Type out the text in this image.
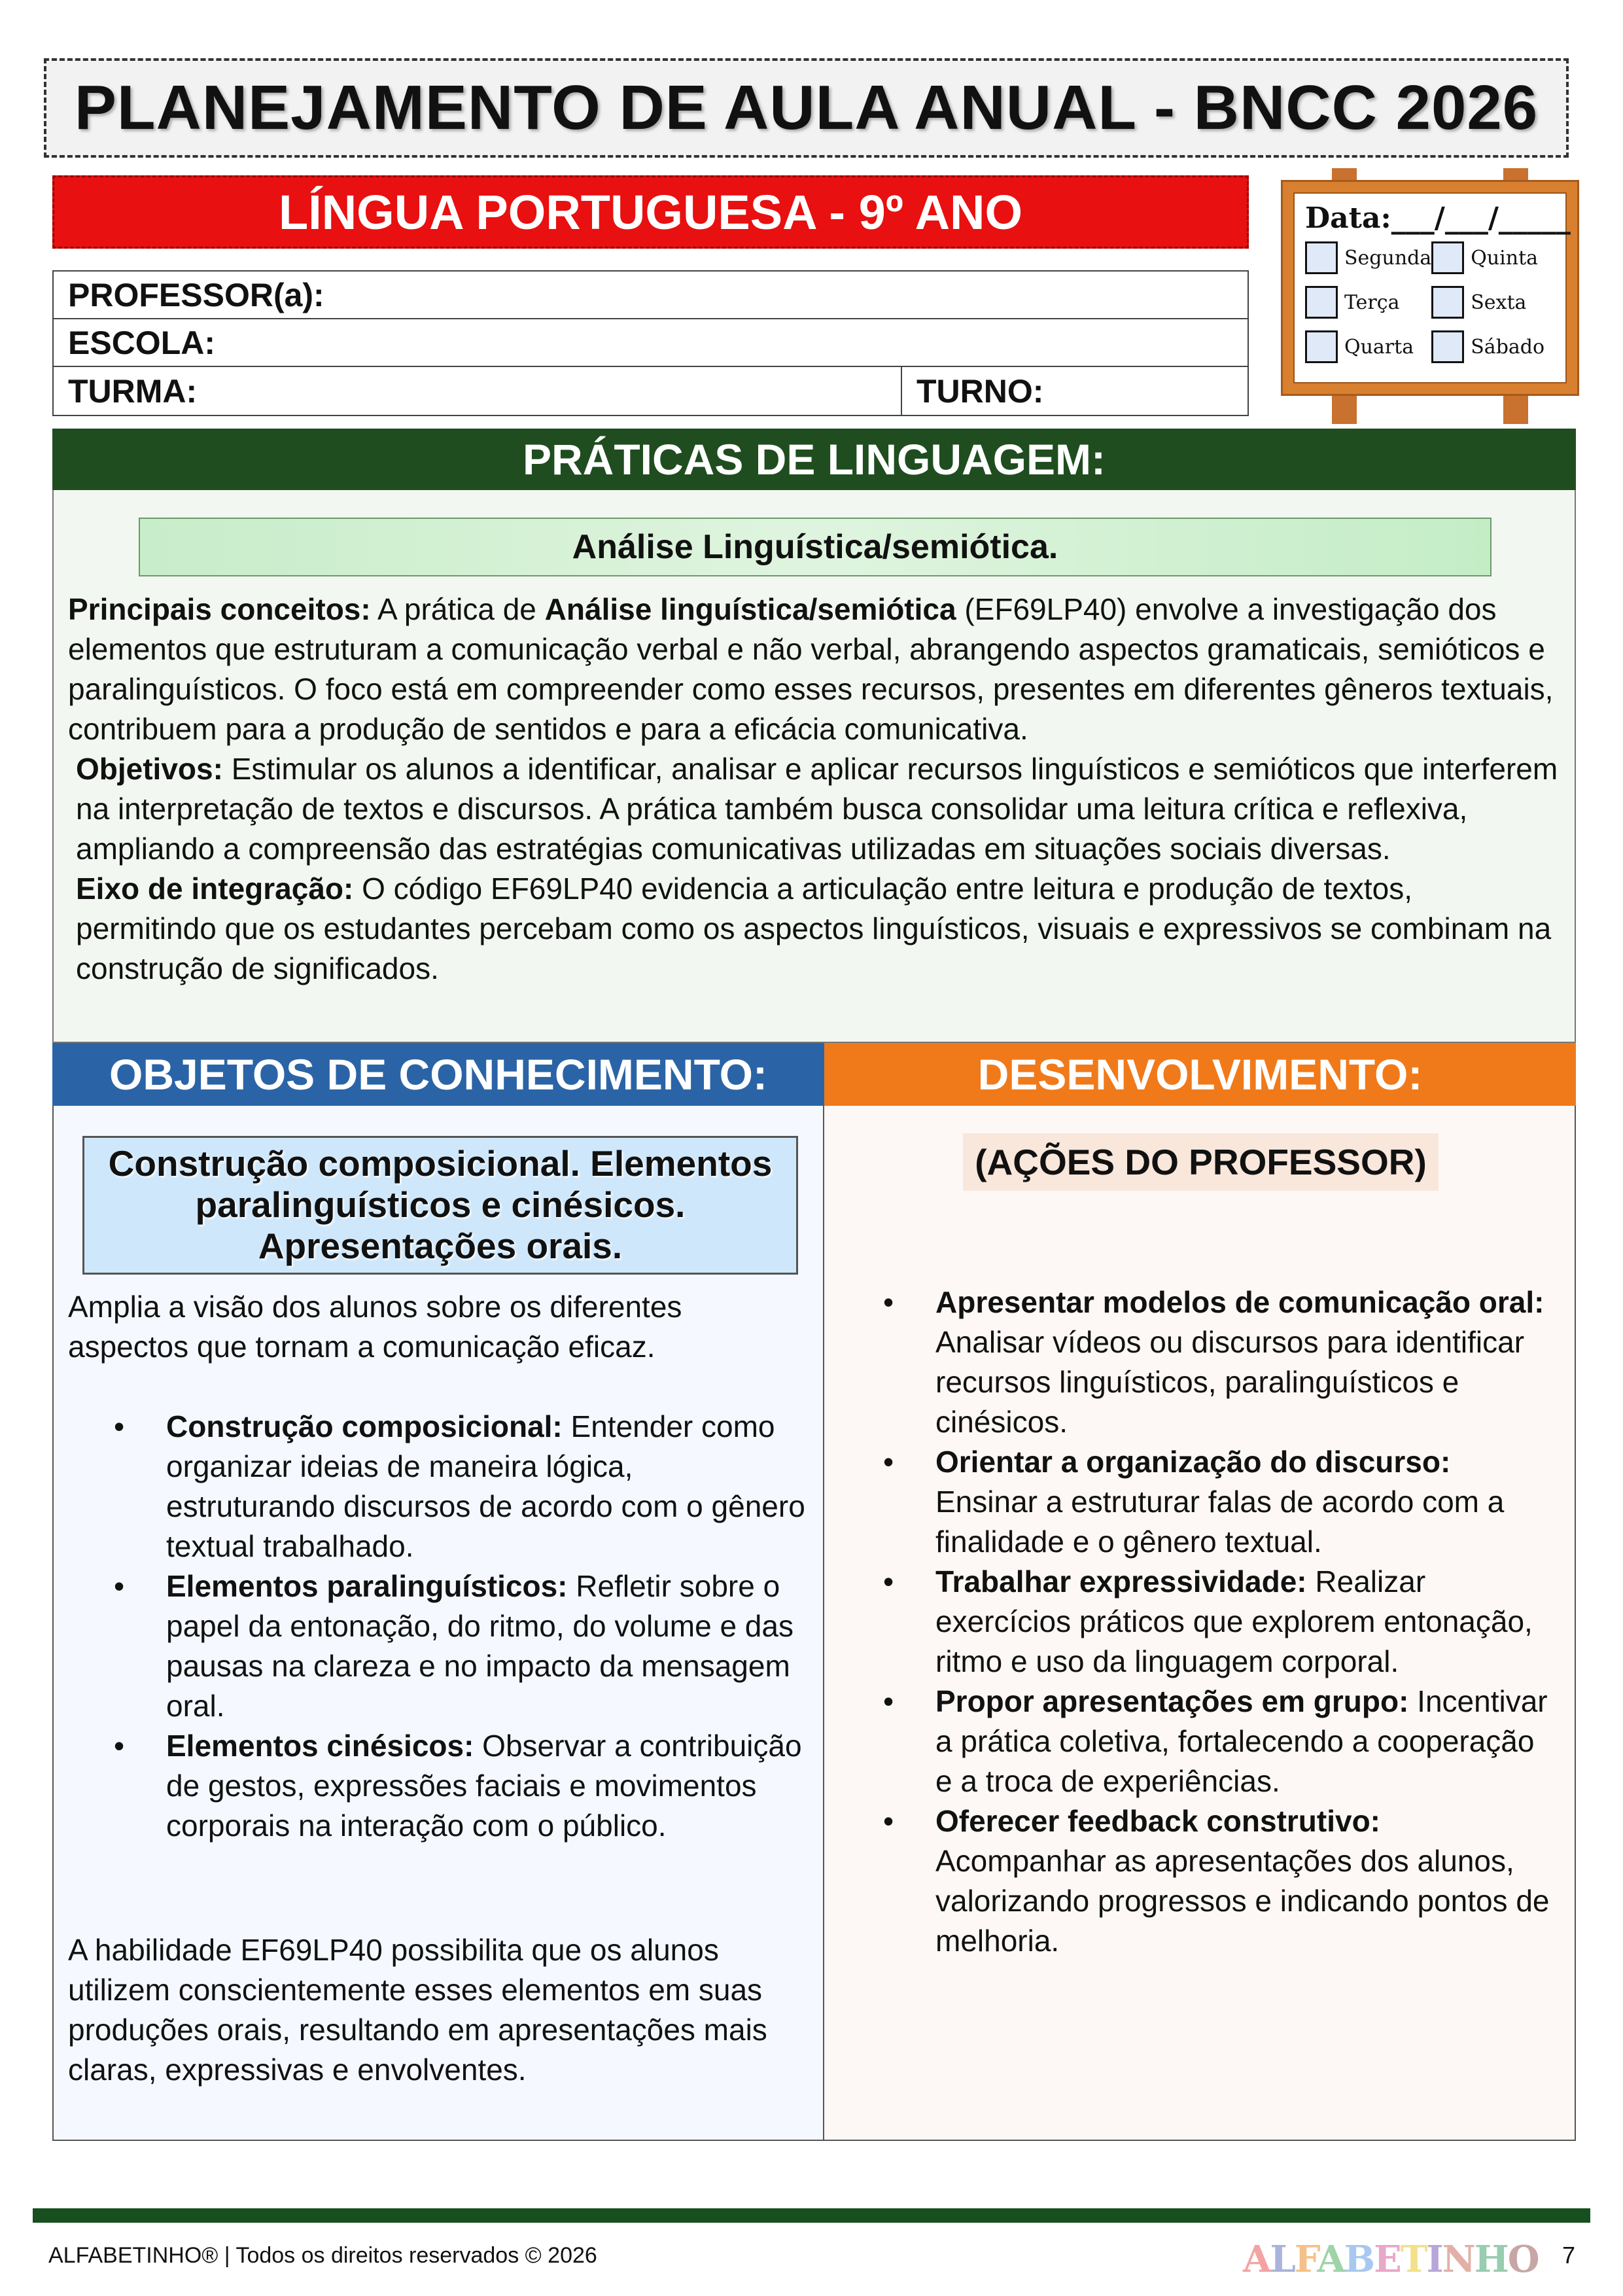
PLANEJAMENTO DE AULA ANUAL - BNCC 2026
LÍNGUA PORTUGUESA - 9º ANO
PROFESSOR(a):
ESCOLA:
TURMA:	TURNO:
Data:___/___/_____
Segunda Quinta
Terça	Sexta
Quarta	Sábado
PRÁTICAS DE LINGUAGEM:
Análise Linguística/semiótica.
Principais conceitos: A prática de Análise linguística/semiótica (EF69LP40) envolve a investigação dos elementos que estruturam a comunicação verbal e não verbal, abrangendo aspectos gramaticais, semióticos e paralinguísticos. O foco está em compreender como esses recursos, presentes em diferentes gêneros textuais, contribuem para a produção de sentidos e para a eficácia comunicativa.
Objetivos: Estimular os alunos a identificar, analisar e aplicar recursos linguísticos e semióticos que interferem na interpretação de textos e discursos. A prática também busca consolidar uma leitura crítica e reflexiva, ampliando a compreensão das estratégias comunicativas utilizadas em situações sociais diversas.
Eixo de integração: O código EF69LP40 evidencia a articulação entre leitura e produção de textos, permitindo que os estudantes percebam como os aspectos linguísticos, visuais e expressivos se combinam na construção de significados.
OBJETOS DE CONHECIMENTO:	DESENVOLVIMENTO:
Construção composicional. Elementos paralinguísticos e cinésicos. Apresentações orais.
Amplia a visão dos alunos sobre os diferentes aspectos que tornam a comunicação eficaz.
• Construção composicional: Entender como organizar ideias de maneira lógica, estruturando discursos de acordo com o gênero textual trabalhado.
• Elementos paralinguísticos: Refletir sobre o papel da entonação, do ritmo, do volume e das pausas na clareza e no impacto da mensagem oral.
• Elementos cinésicos: Observar a contribuição de gestos, expressões faciais e movimentos corporais na interação com o público.
A habilidade EF69LP40 possibilita que os alunos utilizem conscientemente esses elementos em suas produções orais, resultando em apresentações mais claras, expressivas e envolventes.
(AÇÕES DO PROFESSOR)
• Apresentar modelos de comunicação oral: Analisar vídeos ou discursos para identificar recursos linguísticos, paralinguísticos e cinésicos.
• Orientar a organização do discurso: Ensinar a estruturar falas de acordo com a finalidade e o gênero textual.
• Trabalhar expressividade: Realizar exercícios práticos que explorem entonação, ritmo e uso da linguagem corporal.
• Propor apresentações em grupo: Incentivar a prática coletiva, fortalecendo a cooperação e a troca de experiências.
• Oferecer feedback construtivo: Acompanhar as apresentações dos alunos, valorizando progressos e indicando pontos de melhoria.
ALFABETINHO® | Todos os direitos reservados © 2026	ALFABETINHO 7
